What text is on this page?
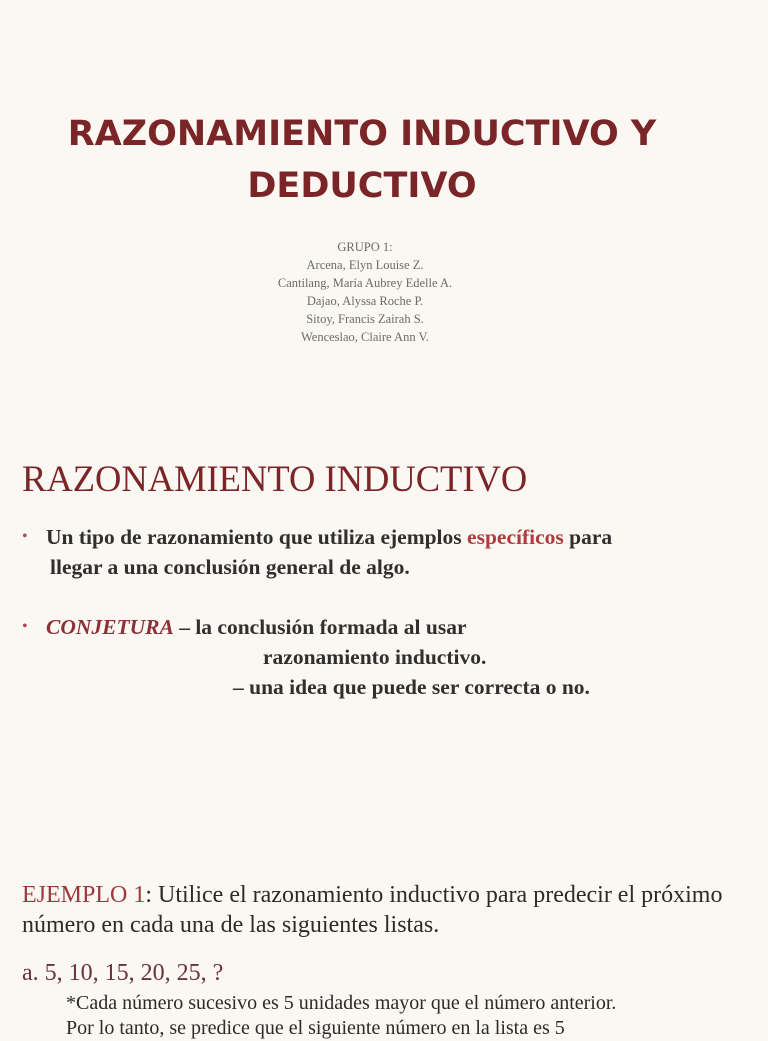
RAZONAMIENTO INDUCTIVO Y
DEDUCTIVO
GRUPO 1:
Arcena, Elyn Louise Z.
Cantilang, María Aubrey Edelle A.
Dajao, Alyssa Roche P.
Sitoy, Francis Zairah S.
Wenceslao, Claire Ann V.
RAZONAMIENTO INDUCTIVO
• Un tipo de razonamiento que utiliza ejemplos específicos para
llegar a una conclusión general de algo.
• CONJETURA – la conclusión formada al usar
razonamiento inductivo.
– una idea que puede ser correcta o no.
EJEMPLO 1: Utilice el razonamiento inductivo para predecir el próximo número en cada una de las siguientes listas.
a. 5, 10, 15, 20, 25, ?
*Cada número sucesivo es 5 unidades mayor que el número anterior.
Por lo tanto, se predice que el siguiente número en la lista es 5
